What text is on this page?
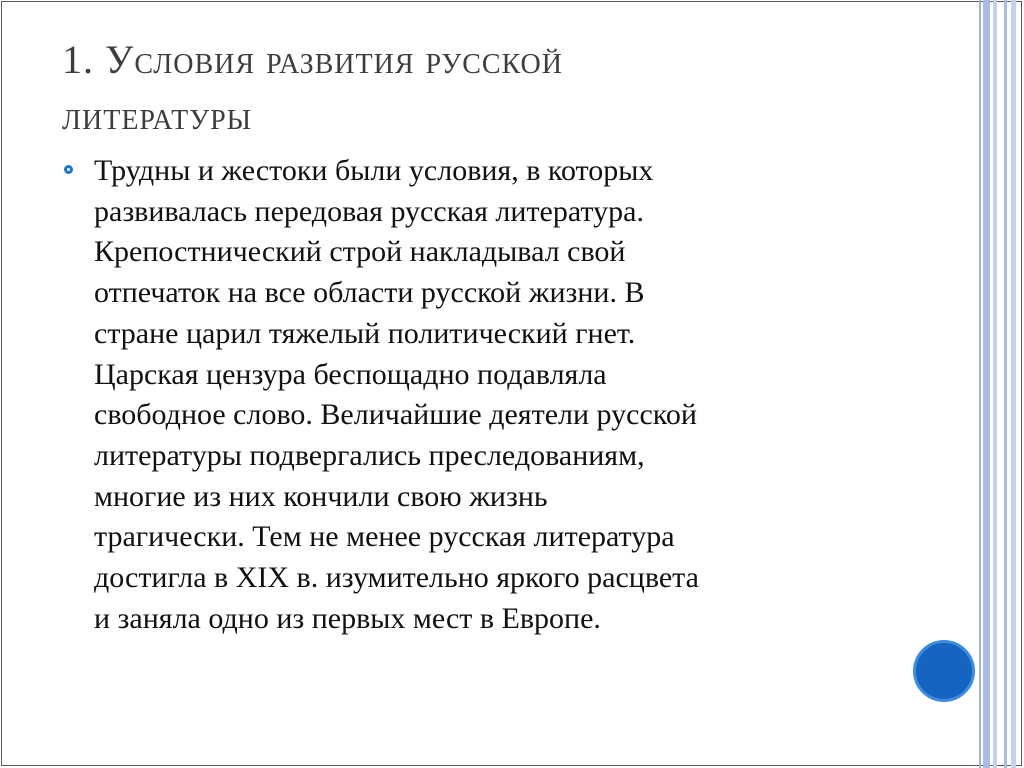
1. Условия развития русской
литературы
Трудны и жестоки были условия, в которых
развивалась передовая русская литература.
Крепостнический строй накладывал свой
отпечаток на все области русской жизни. В
стране царил тяжелый политический гнет.
Царская цензура беспощадно подавляла
свободное слово. Величайшие деятели русской
литературы подвергались преследованиям,
многие из них кончили свою жизнь
трагически. Тем не менее русская литература
достигла в XIX в. изумительно яркого расцвета
и заняла одно из первых мест в Европе.
